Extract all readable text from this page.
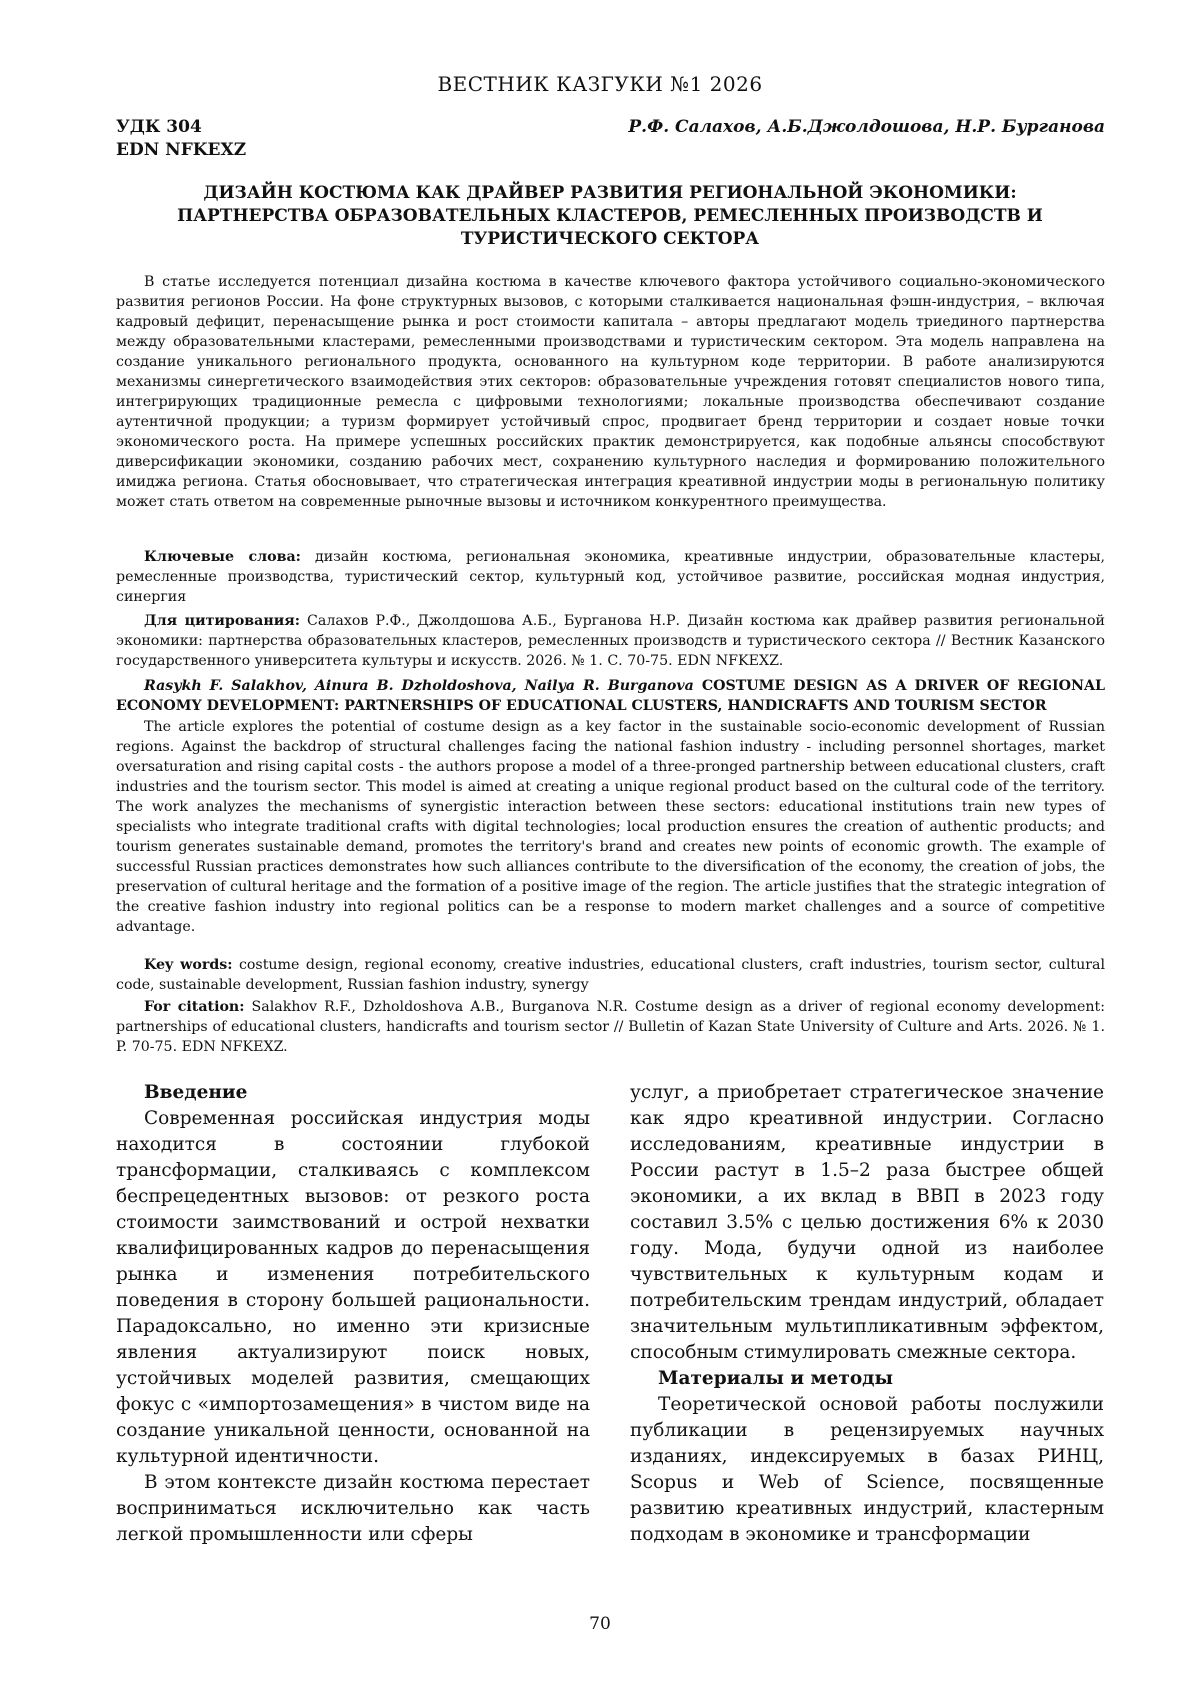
ВЕСТНИК КАЗГУКИ №1 2026
УДК 304
EDN NFKEXZ
Р.Ф. Салахов, А.Б.Джолдошова, Н.Р. Бурганова
ДИЗАЙН КОСТЮМА КАК ДРАЙВЕР РАЗВИТИЯ РЕГИОНАЛЬНОЙ ЭКОНОМИКИ: ПАРТНЕРСТВА ОБРАЗОВАТЕЛЬНЫХ КЛАСТЕРОВ, РЕМЕСЛЕННЫХ ПРОИЗВОДСТВ И ТУРИСТИЧЕСКОГО СЕКТОРА

В статье исследуется потенциал дизайна костюма в качестве ключевого фактора устойчивого социально-экономического развития регионов России. На фоне структурных вызовов, с которыми сталкивается национальная фэшн-индустрия, – включая кадровый дефицит, перенасыщение рынка и рост стоимости капитала – авторы предлагают модель триединого партнерства между образовательными кластерами, ремесленными производствами и туристическим сектором. Эта модель направлена на создание уникального регионального продукта, основанного на культурном коде территории. В работе анализируются механизмы синергетического взаимодействия этих секторов: образовательные учреждения готовят специалистов нового типа, интегрирующих традиционные ремесла с цифровыми технологиями; локальные производства обеспечивают создание аутентичной продукции; а туризм формирует устойчивый спрос, продвигает бренд территории и создает новые точки экономического роста. На примере успешных российских практик демонстрируется, как подобные альянсы способствуют диверсификации экономики, созданию рабочих мест, сохранению культурного наследия и формированию положительного имиджа региона. Статья обосновывает, что стратегическая интеграция креативной индустрии моды в региональную политику может стать ответом на современные рыночные вызовы и источником конкурентного преимущества.

Ключевые слова: дизайн костюма, региональная экономика, креативные индустрии, образовательные кластеры, ремесленные производства, туристический сектор, культурный код, устойчивое развитие, российская модная индустрия, синергия

Для цитирования: Салахов Р.Ф., Джолдошова А.Б., Бурганова Н.Р. Дизайн костюма как драйвер развития региональной экономики: партнерства образовательных кластеров, ремесленных производств и туристического сектора // Вестник Казанского государственного университета культуры и искусств. 2026. № 1. С. 70-75. EDN NFKEXZ.

Rasykh F. Salakhov, Ainura B. Dzholdoshova, Nailya R. Burganova COSTUME DESIGN AS A DRIVER OF REGIONAL ECONOMY DEVELOPMENT: PARTNERSHIPS OF EDUCATIONAL CLUSTERS, HANDICRAFTS AND TOURISM SECTOR

The article explores the potential of costume design as a key factor in the sustainable socio-economic development of Russian regions. Against the backdrop of structural challenges facing the national fashion industry - including personnel shortages, market oversaturation and rising capital costs - the authors propose a model of a three-pronged partnership between educational clusters, craft industries and the tourism sector. This model is aimed at creating a unique regional product based on the cultural code of the territory. The work analyzes the mechanisms of synergistic interaction between these sectors: educational institutions train new types of specialists who integrate traditional crafts with digital technologies; local production ensures the creation of authentic products; and tourism generates sustainable demand, promotes the territory's brand and creates new points of economic growth. The example of successful Russian practices demonstrates how such alliances contribute to the diversification of the economy, the creation of jobs, the preservation of cultural heritage and the formation of a positive image of the region. The article justifies that the strategic integration of the creative fashion industry into regional politics can be a response to modern market challenges and a source of competitive advantage.

Key words: costume design, regional economy, creative industries, educational clusters, craft industries, tourism sector, cultural code, sustainable development, Russian fashion industry, synergy

For citation: Salakhov R.F., Dzholdoshova A.B., Burganova N.R. Costume design as a driver of regional economy development: partnerships of educational clusters, handicrafts and tourism sector // Bulletin of Kazan State University of Culture and Arts. 2026. № 1. P. 70-75. EDN NFKEXZ.

Введение

Современная российская индустрия моды находится в состоянии глубокой трансформации, сталкиваясь с комплексом беспрецедентных вызовов: от резкого роста стоимости заимствований и острой нехватки квалифицированных кадров до перенасыщения рынка и изменения потребительского поведения в сторону большей рациональности. Парадоксально, но именно эти кризисные явления актуализируют поиск новых, устойчивых моделей развития, смещающих фокус с «импортозамещения» в чистом виде на создание уникальной ценности, основанной на культурной идентичности.

В этом контексте дизайн костюма перестает восприниматься исключительно как часть легкой промышленности или сферы

услуг, а приобретает стратегическое значение как ядро креативной индустрии. Согласно исследованиям, креативные индустрии в России растут в 1.5–2 раза быстрее общей экономики, а их вклад в ВВП в 2023 году составил 3.5% с целью достижения 6% к 2030 году. Мода, будучи одной из наиболее чувствительных к культурным кодам и потребительским трендам индустрий, обладает значительным мультипликативным эффектом, способным стимулировать смежные сектора.

Материалы и методы

Теоретической основой работы послужили публикации в рецензируемых научных изданиях, индексируемых в базах РИНЦ, Scopus и Web of Science, посвященные развитию креативных индустрий, кластерным подходам в экономике и трансформации

70
